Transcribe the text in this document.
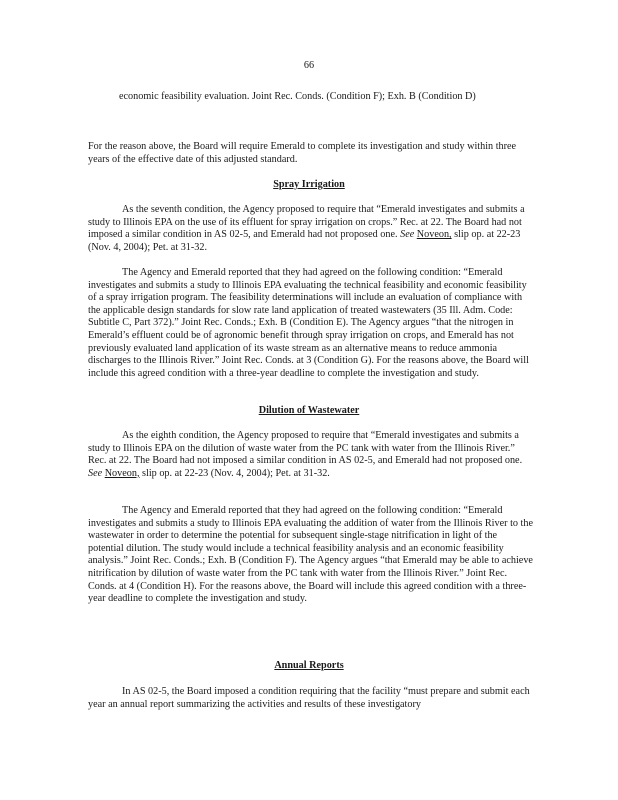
66

economic feasibility evaluation. Joint Rec. Conds. (Condition F); Exh. B (Condition D)

For the reason above, the Board will require Emerald to complete its investigation and study within three years of the effective date of this adjusted standard.

Spray Irrigation

As the seventh condition, the Agency proposed to require that “Emerald investigates and submits a study to Illinois EPA on the use of its effluent for spray irrigation on crops.” Rec. at 22. The Board had not imposed a similar condition in AS 02-5, and Emerald had not proposed one. See Noveon, slip op. at 22-23 (Nov. 4, 2004); Pet. at 31-32.

The Agency and Emerald reported that they had agreed on the following condition: “Emerald investigates and submits a study to Illinois EPA evaluating the technical feasibility and economic feasibility of a spray irrigation program. The feasibility determinations will include an evaluation of compliance with the applicable design standards for slow rate land application of treated wastewaters (35 Ill. Adm. Code: Subtitle C, Part 372).” Joint Rec. Conds.; Exh. B (Condition E). The Agency argues “that the nitrogen in Emerald’s effluent could be of agronomic benefit through spray irrigation on crops, and Emerald has not previously evaluated land application of its waste stream as an alternative means to reduce ammonia discharges to the Illinois River.” Joint Rec. Conds. at 3 (Condition G). For the reasons above, the Board will include this agreed condition with a three-year deadline to complete the investigation and study.

Dilution of Wastewater

As the eighth condition, the Agency proposed to require that “Emerald investigates and submits a study to Illinois EPA on the dilution of waste water from the PC tank with water from the Illinois River.” Rec. at 22. The Board had not imposed a similar condition in AS 02-5, and Emerald had not proposed one. See Noveon, slip op. at 22-23 (Nov. 4, 2004); Pet. at 31-32.

The Agency and Emerald reported that they had agreed on the following condition: “Emerald investigates and submits a study to Illinois EPA evaluating the addition of water from the Illinois River to the wastewater in order to determine the potential for subsequent single-stage nitrification in light of the potential dilution. The study would include a technical feasibility analysis and an economic feasibility analysis.” Joint Rec. Conds.; Exh. B (Condition F). The Agency argues “that Emerald may be able to achieve nitrification by dilution of waste water from the PC tank with water from the Illinois River.” Joint Rec. Conds. at 4 (Condition H). For the reasons above, the Board will include this agreed condition with a three-year deadline to complete the investigation and study.

Annual Reports

In AS 02-5, the Board imposed a condition requiring that the facility “must prepare and submit each year an annual report summarizing the activities and results of these investigatory
